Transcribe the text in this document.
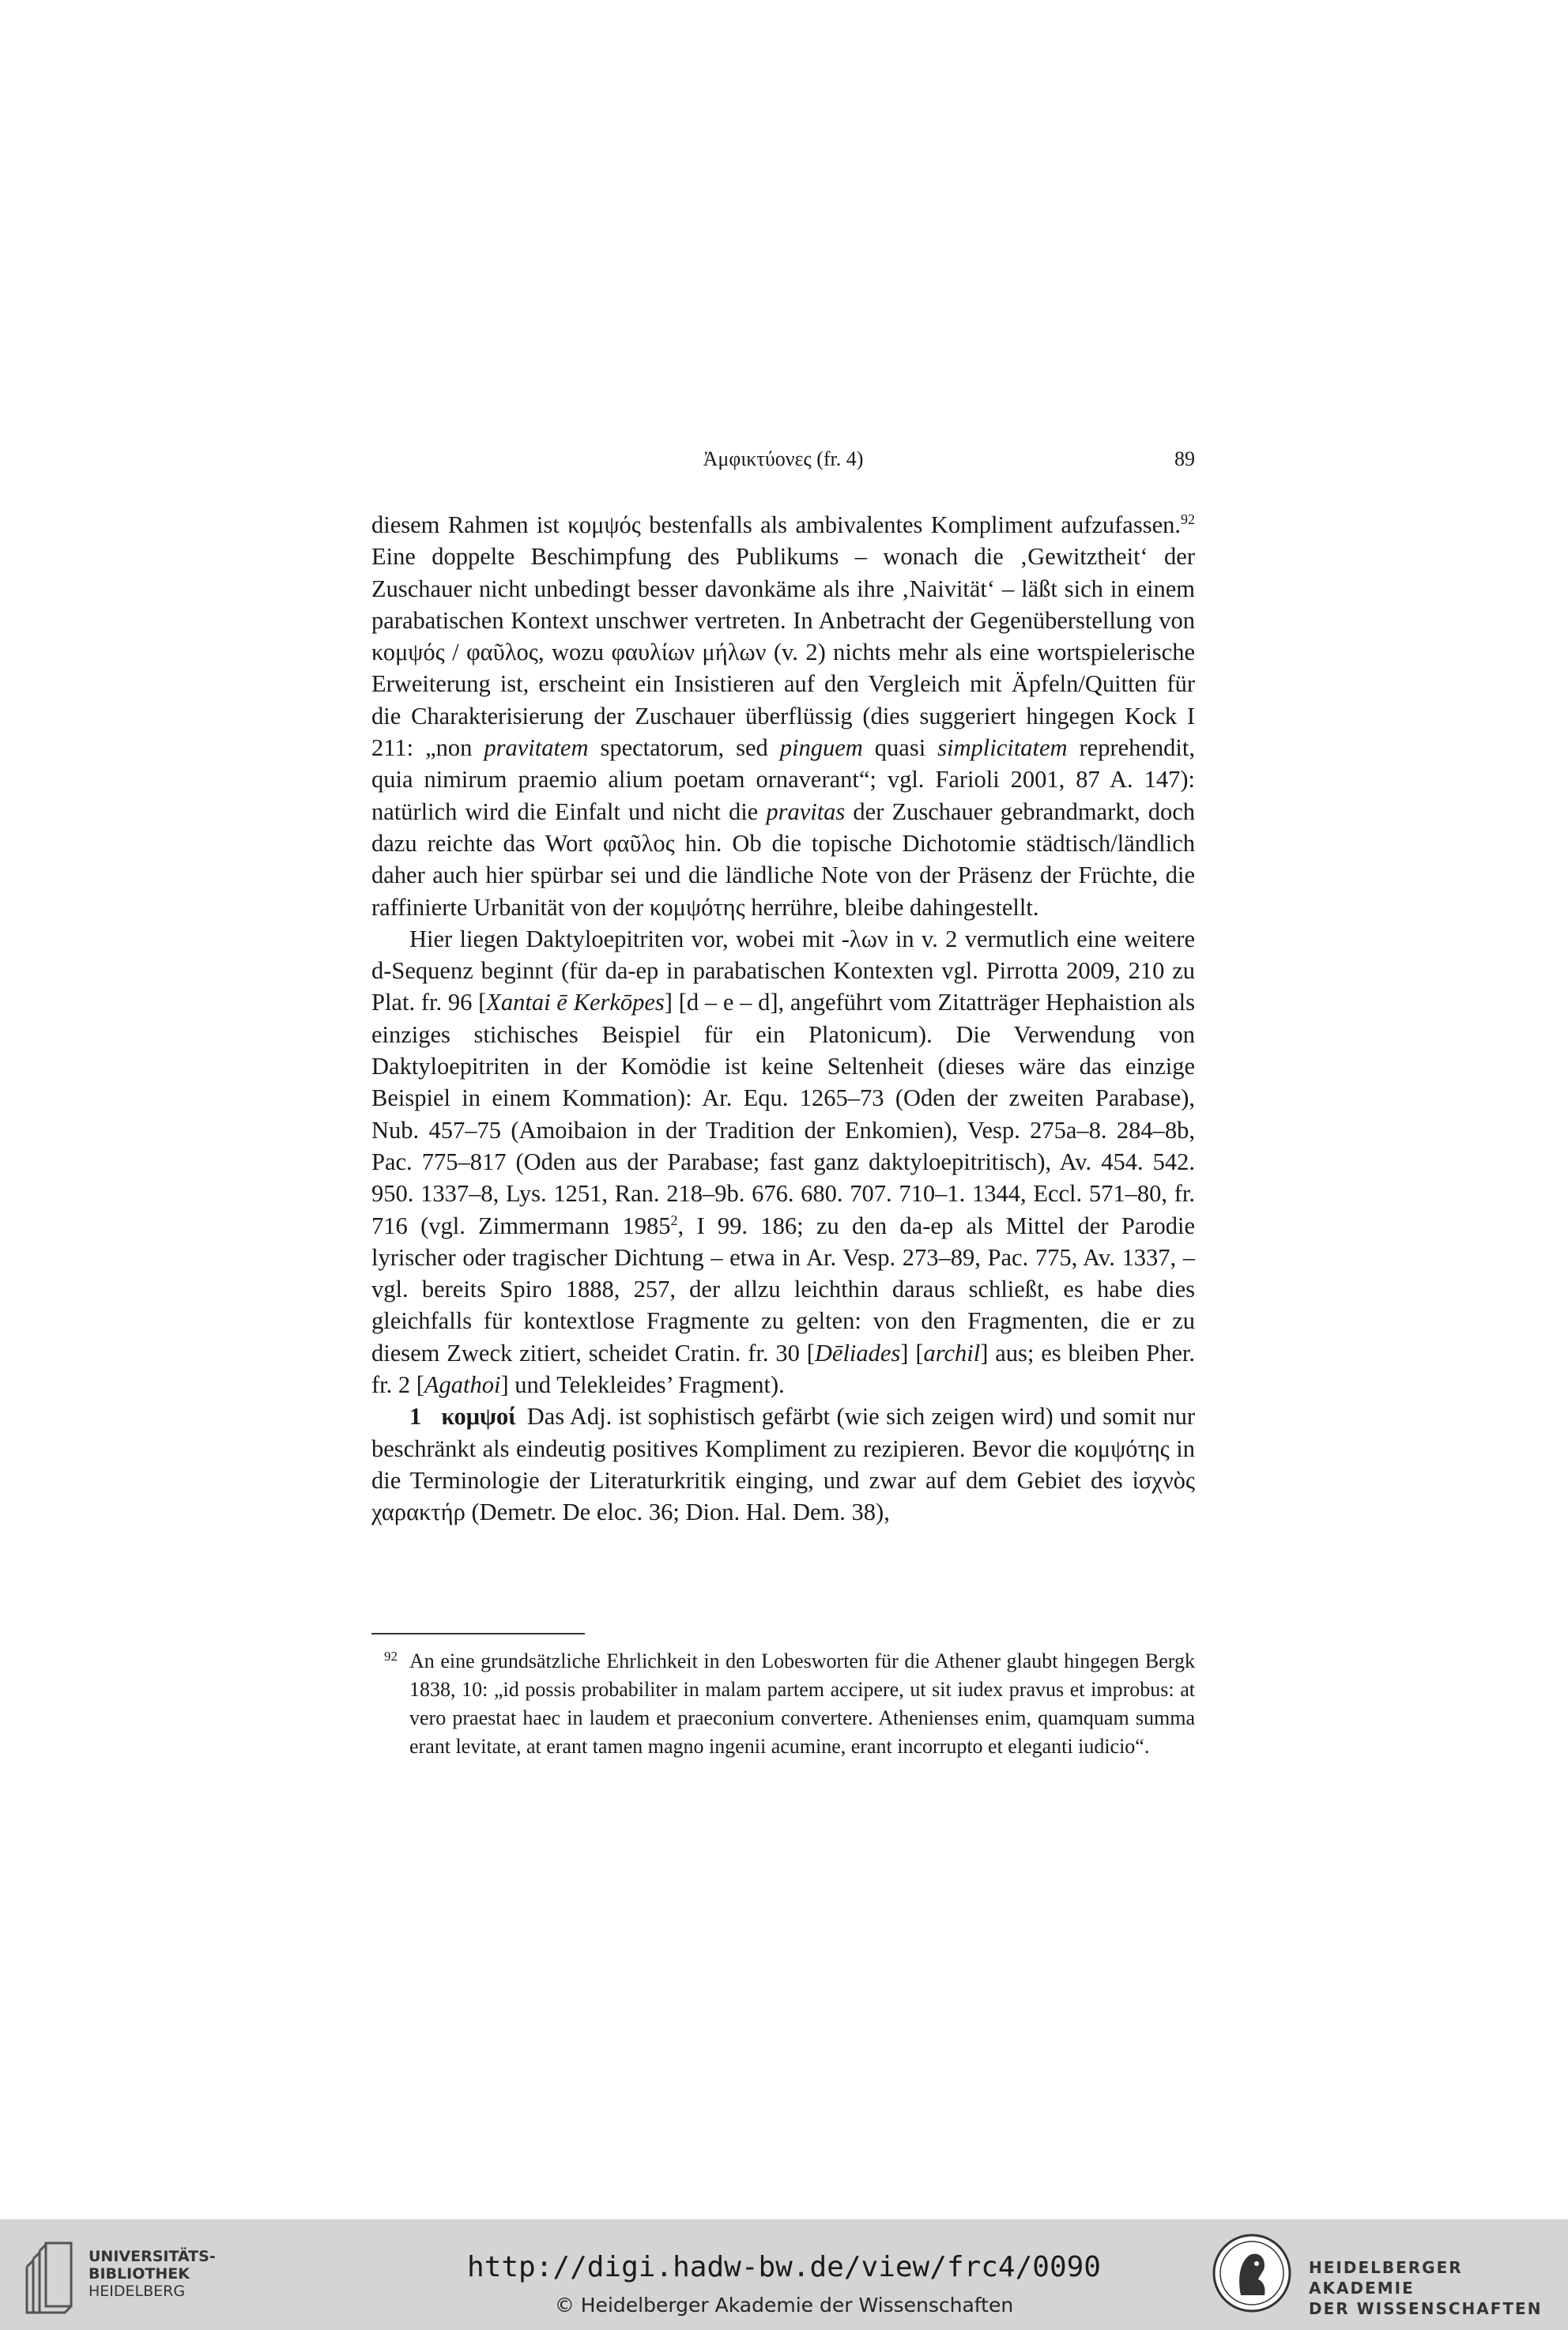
Ἀμφικτύονες (fr. 4)	89

diesem Rahmen ist κομψός bestenfalls als ambivalentes Kompliment aufzufassen.$^{92}$ Eine doppelte Beschimpfung des Publikums – wonach die ‚Gewitztheit‘ der Zuschauer nicht unbedingt besser davonkäme als ihre ‚Naivität‘ – läßt sich in einem parabatischen Kontext unschwer vertreten. In Anbetracht der Gegenüberstellung von κομψός / φαῦλος, wozu φαυλίων μήλων (v. 2) nichts mehr als eine wortspielerische Erweiterung ist, erscheint ein Insistieren auf den Vergleich mit Äpfeln/Quitten für die Charakterisierung der Zuschauer überflüssig (dies suggeriert hingegen Kock I 211: „non pravitatem spectatorum, sed pinguem quasi simplicitatem reprehendit, quia nimirum praemio alium poetam ornaverant“; vgl. Farioli 2001, 87 A. 147): natürlich wird die Einfalt und nicht die pravitas der Zuschauer gebrandmarkt, doch dazu reichte das Wort φαῦλος hin. Ob die topische Dichotomie städtisch/ländlich daher auch hier spürbar sei und die ländliche Note von der Präsenz der Früchte, die raffinierte Urbanität von der κομψότης herrühre, bleibe dahingestellt.

Hier liegen Daktyloepitriten vor, wobei mit -λων in v. 2 vermutlich eine weitere d-Sequenz beginnt (für da-ep in parabatischen Kontexten vgl. Pirrotta 2009, 210 zu Plat. fr. 96 [Xantai ē Kerkōpes] [d – e – d], angeführt vom Zitatträger Hephaistion als einziges stichisches Beispiel für ein Platonicum). Die Verwendung von Daktyloepitriten in der Komödie ist keine Seltenheit (dieses wäre das einzige Beispiel in einem Kommation): Ar. Equ. 1265–73 (Oden der zweiten Parabase), Nub. 457–75 (Amoibaion in der Tradition der Enkomien), Vesp. 275a–8. 284–8b, Pac. 775–817 (Oden aus der Parabase; fast ganz daktyloepitritisch), Av. 454. 542. 950. 1337–8, Lys. 1251, Ran. 218–9b. 676. 680. 707. 710–1. 1344, Eccl. 571–80, fr. 716 (vgl. Zimmermann 1985$^2$, I 99. 186; zu den da-ep als Mittel der Parodie lyrischer oder tragischer Dichtung – etwa in Ar. Vesp. 273–89, Pac. 775, Av. 1337, – vgl. bereits Spiro 1888, 257, der allzu leichthin daraus schließt, es habe dies gleichfalls für kontextlose Fragmente zu gelten: von den Fragmenten, die er zu diesem Zweck zitiert, scheidet Cratin. fr. 30 [Dēliades] [archil] aus; es bleiben Pher. fr. 2 [Agathoi] und Telekleides’ Fragment).

1 κομψοί Das Adj. ist sophistisch gefärbt (wie sich zeigen wird) und somit nur beschränkt als eindeutig positives Kompliment zu rezipieren. Bevor die κομψότης in die Terminologie der Literaturkritik einging, und zwar auf dem Gebiet des ἰσχνὸς χαρακτήρ (Demetr. De eloc. 36; Dion. Hal. Dem. 38),

92 An eine grundsätzliche Ehrlichkeit in den Lobesworten für die Athener glaubt hingegen Bergk 1838, 10: „id possis probabiliter in malam partem accipere, ut sit iudex pravus et improbus: at vero praestat haec in laudem et praeconium convertere. Athenienses enim, quamquam summa erant levitate, at erant tamen magno ingenii acumine, erant incorrupto et eleganti iudicio“.
UNIVERSITÄTS-
BIBLIOTHEK
HEIDELBERG
http://digi.hadw-bw.de/view/frc4/0090
© Heidelberger Akademie der Wissenschaften
HEIDELBERGER AKADEMIE
DER WISSENSCHAFTEN
